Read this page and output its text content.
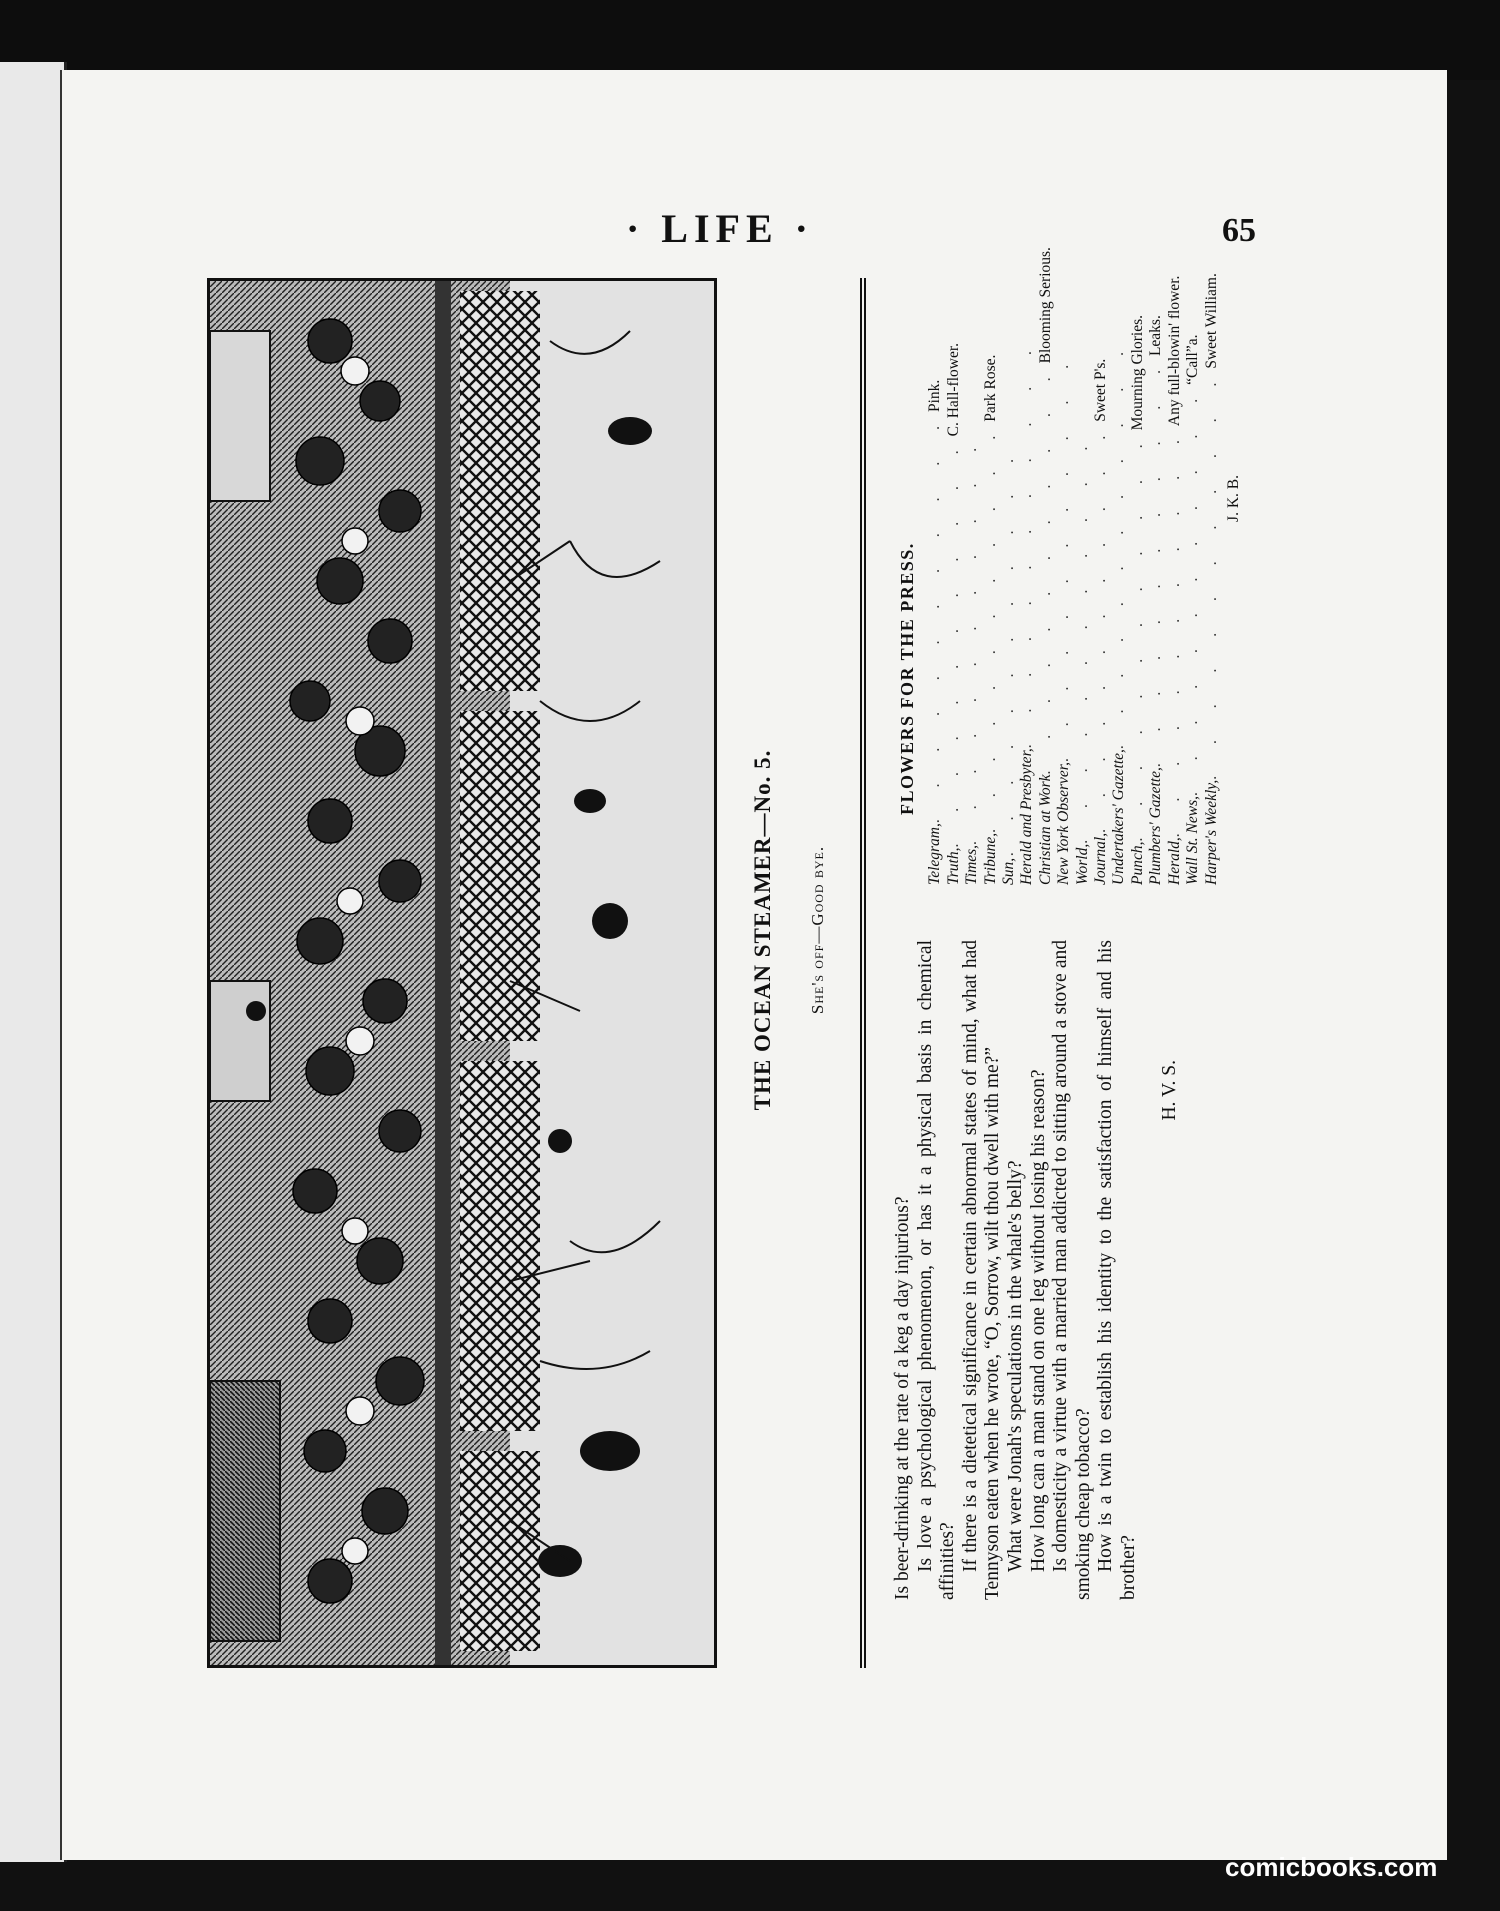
· LIFE ·	65
THE OCEAN STEAMER—No. 5. She's off—Good bye.

Is beer-drinking at the rate of a keg a day injurious? Is love a psychological phenomenon, or has it a physical basis in chemical affinities? If there is a dietetical significance in certain abnormal states of mind, what had Tennyson eaten when he wrote, “O, Sorrow, wilt thou dwell with me?” What were Jonah's speculations in the whale's belly? How long can a man stand on one leg without losing his reason? Is domesticity a virtue with a married man addicted to sitting around a stove and smoking cheap tobacco? How is a twin to establish his identity to the satisfaction of himself and his brother?

H. V. S.

FLOWERS FOR THE PRESS.
Telegram,
. . . . . . . . . . . .
Pink.
Truth,
. . . . . . . . . . . .
C. Hall-flower.
Times,
. . . . . . . . . . . .
Tribune,
. . . . . . . . . . . .
Park Rose.
Sun,
. . . . . . . . . . . . Herald and Presbyter,
. . . . . . . . . . . .
Christian at Work
. . . . . . . . . . . .
Blooming Serious.
New York Observer,
. . . . . . . . . . . .
World,
. . . . . . . . . . . .
Journal,
. . . . . . . . . . . .
Sweet P's.
Undertakers' Gazette,
. . . . . . . . . . . .
Punch,
. . . . . . . . . . . .
Mourning Glories.
Plumbers' Gazette,
. . . . . . . . . . . .
Leaks.
Herald,
. . . . . . . . . . . .
Any full-blowin' flower.
Wall St. News,
. . . . . . . . . . . .
“Call”a.
Harper's Weekly,
. . . . . . . . . . . .
Sweet William.
J. K. B.
comicbooks.com
